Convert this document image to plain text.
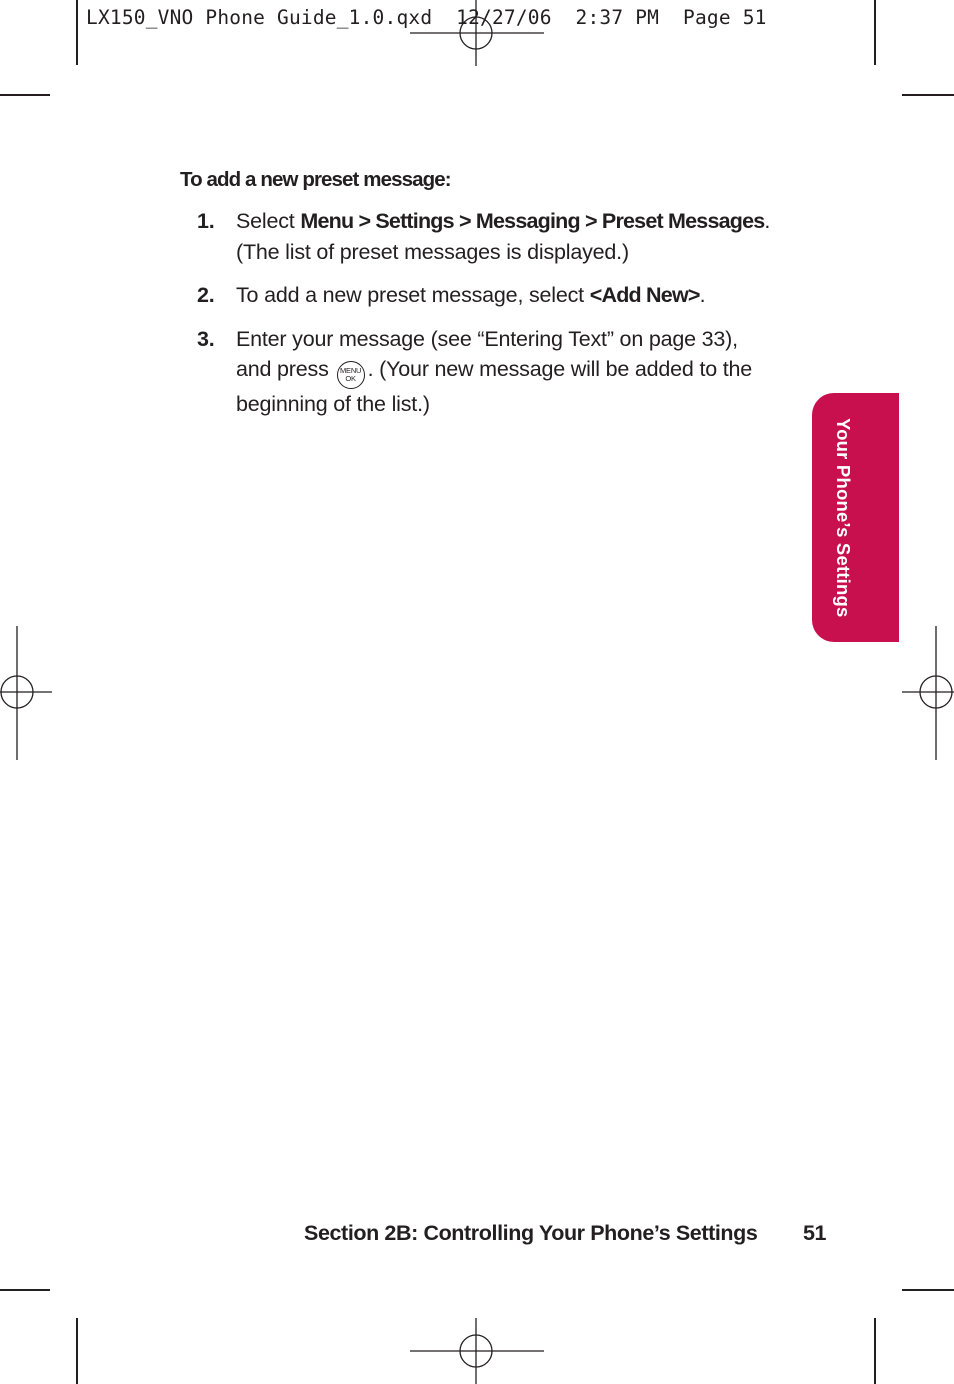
LX150_VNO Phone Guide_1.0.qxd  12/27/06  2:37 PM  Page 51
To add a new preset message:
1. Select Menu > Settings > Messaging > Preset Messages.
(The list of preset messages is displayed.)
2. To add a new preset message, select <Add New>.
3. Enter your message (see “Entering Text” on page 33),
and press	MENU
OK . (Your new message will be added to the
beginning of the list.)
Your Phone’s Settings
Section 2B: Controlling Your Phone’s Settings 51
